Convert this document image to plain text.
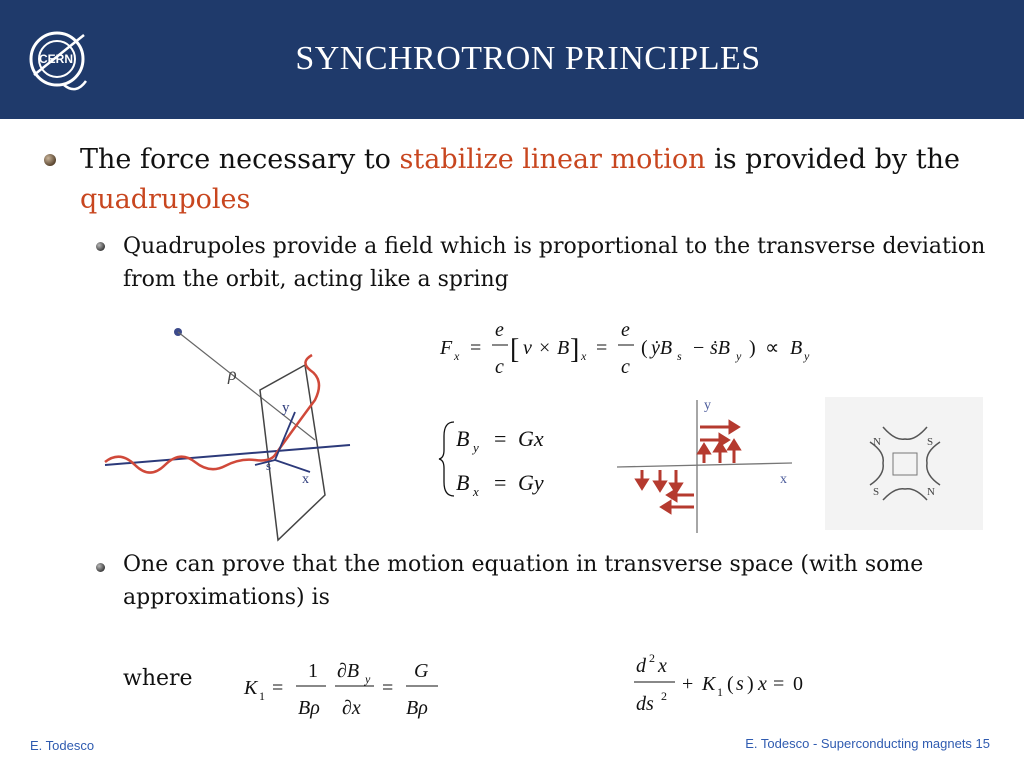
CERN	SYNCHROTRON PRINCIPLES
The force necessary to stabilize linear motion is provided by the quadrupoles
Quadrupoles provide a field which is proportional to the transverse deviation from the orbit, acting like a spring
ρ
y
s
x
F x =
e
c
[ v × B ] x =
e
c
( ẏB s − ṡB y ) ∝ B y
B y = Gx
B x = Gy
y
x
N	S
S	N
One can prove that the motion equation in transverse space (with some approximations) is
d 2 x
ds 2
+ K 1 ( s ) x = 0
where	K 1 =
1
Bρ
∂B y
∂x
=
G
Bρ
E. Todesco	E. Todesco - Superconducting magnets 15
